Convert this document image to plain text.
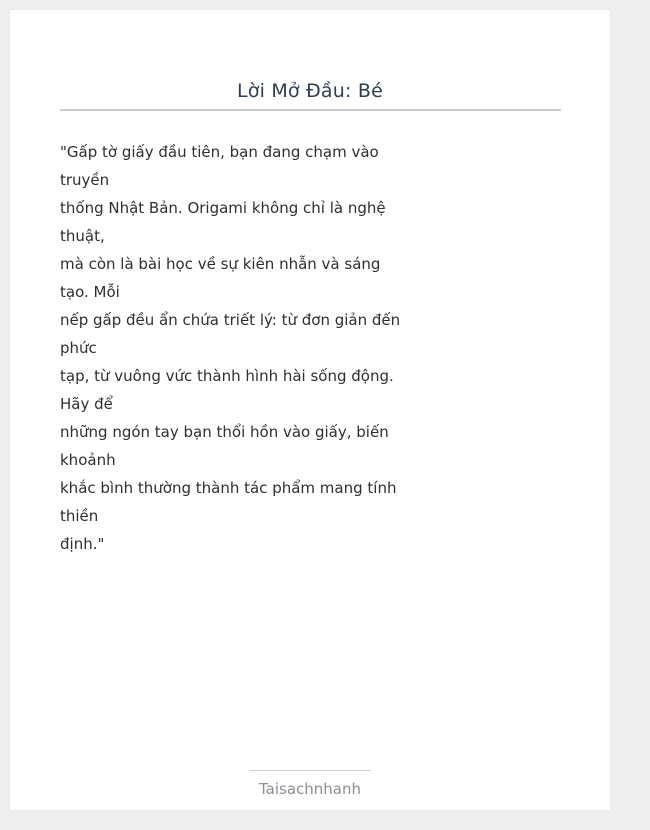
Lời Mở Đầu: Bé
"Gấp tờ giấy đầu tiên, bạn đang chạm vào
truyền
thống Nhật Bản. Origami không chỉ là nghệ
thuật,
mà còn là bài học về sự kiên nhẫn và sáng
tạo. Mỗi
nếp gấp đều ẩn chứa triết lý: từ đơn giản đến
phức
tạp, từ vuông vức thành hình hài sống động.
Hãy để
những ngón tay bạn thổi hồn vào giấy, biến
khoảnh
khắc bình thường thành tác phẩm mang tính
thiền
định."
Taisachnhanh
